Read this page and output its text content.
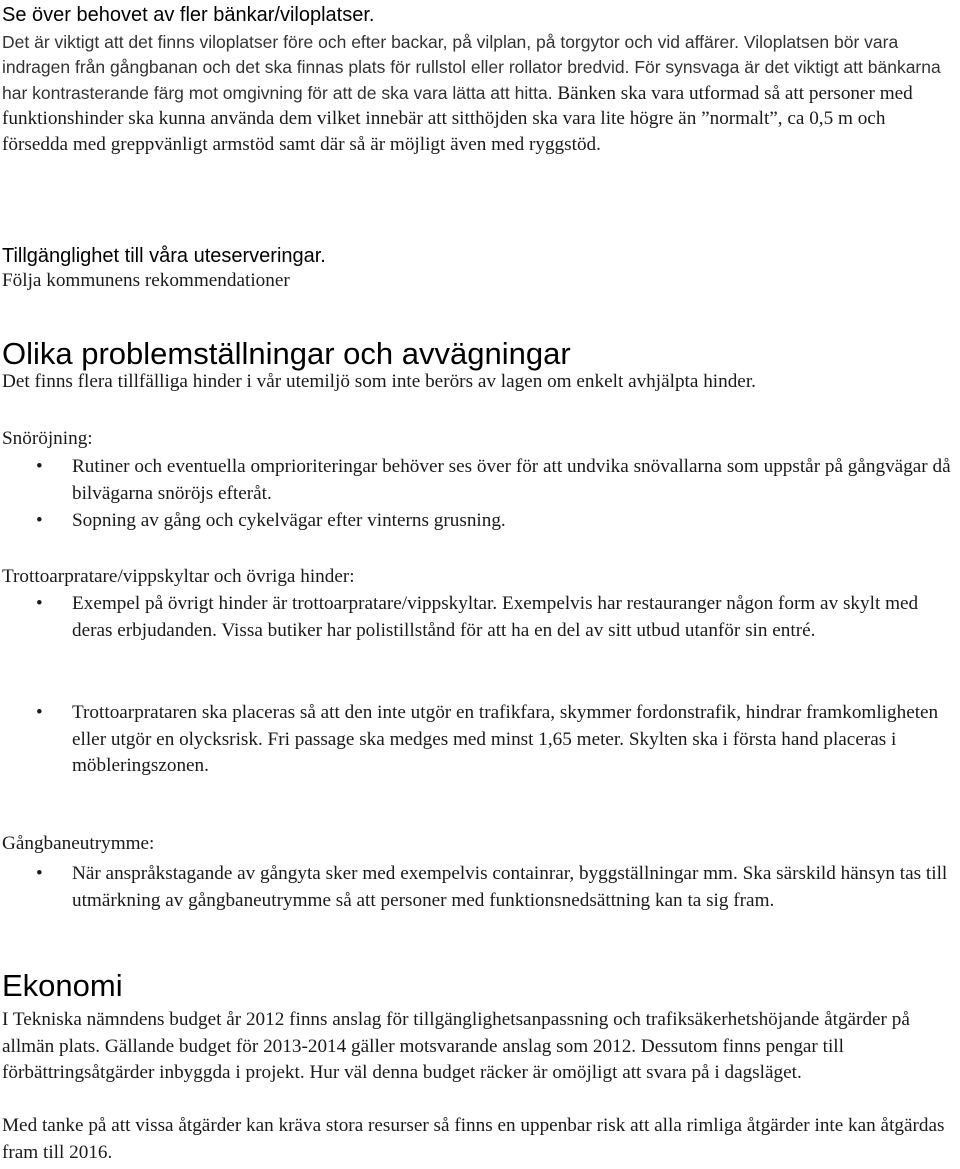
Se över behovet av fler bänkar/viloplatser.

Det är viktigt att det finns viloplatser före och efter backar, på vilplan, på torgytor och vid affärer. Viloplatsen bör vara indragen från gångbanan och det ska finnas plats för rullstol eller rollator bredvid. För synsvaga är det viktigt att bänkarna har kontrasterande färg mot omgivning för att de ska vara lätta att hitta. Bänken ska vara utformad så att personer med funktionshinder ska kunna använda dem vilket innebär att sitthöjden ska vara lite högre än ”normalt”, ca 0,5 m och försedda med greppvänligt armstöd samt där så är möjligt även med ryggstöd.

Tillgänglighet till våra uteserveringar.

Följa kommunens rekommendationer

Olika problemställningar och avvägningar

Det finns flera tillfälliga hinder i vår utemiljö som inte berörs av lagen om enkelt avhjälpta hinder.

Snöröjning:

• Rutiner och eventuella omprioriteringar behöver ses över för att undvika snövallarna som uppstår på gångvägar då bilvägarna snöröjs efteråt.

• Sopning av gång och cykelvägar efter vinterns grusning.

Trottoarpratare/vippskyltar och övriga hinder:

• Exempel på övrigt hinder är trottoarpratare/vippskyltar. Exempelvis har restauranger någon form av skylt med deras erbjudanden. Vissa butiker har polistillstånd för att ha en del av sitt utbud utanför sin entré.

• Trottoarprataren ska placeras så att den inte utgör en trafikfara, skymmer fordonstrafik, hindrar framkomligheten eller utgör en olycksrisk. Fri passage ska medges med minst 1,65 meter. Skylten ska i första hand placeras i möbleringszonen.

Gångbaneutrymme:

• När anspråkstagande av gångyta sker med exempelvis containrar, byggställningar mm. Ska särskild hänsyn tas till utmärkning av gångbaneutrymme så att personer med funktionsnedsättning kan ta sig fram.

Ekonomi

I Tekniska nämndens budget år 2012 finns anslag för tillgänglighetsanpassning och trafiksäkerhetshöjande åtgärder på allmän plats. Gällande budget för 2013-2014 gäller motsvarande anslag som 2012. Dessutom finns pengar till förbättringsåtgärder inbyggda i projekt. Hur väl denna budget räcker är omöjligt att svara på i dagsläget.

Med tanke på att vissa åtgärder kan kräva stora resurser så finns en uppenbar risk att alla rimliga åtgärder inte kan åtgärdas fram till 2016.
